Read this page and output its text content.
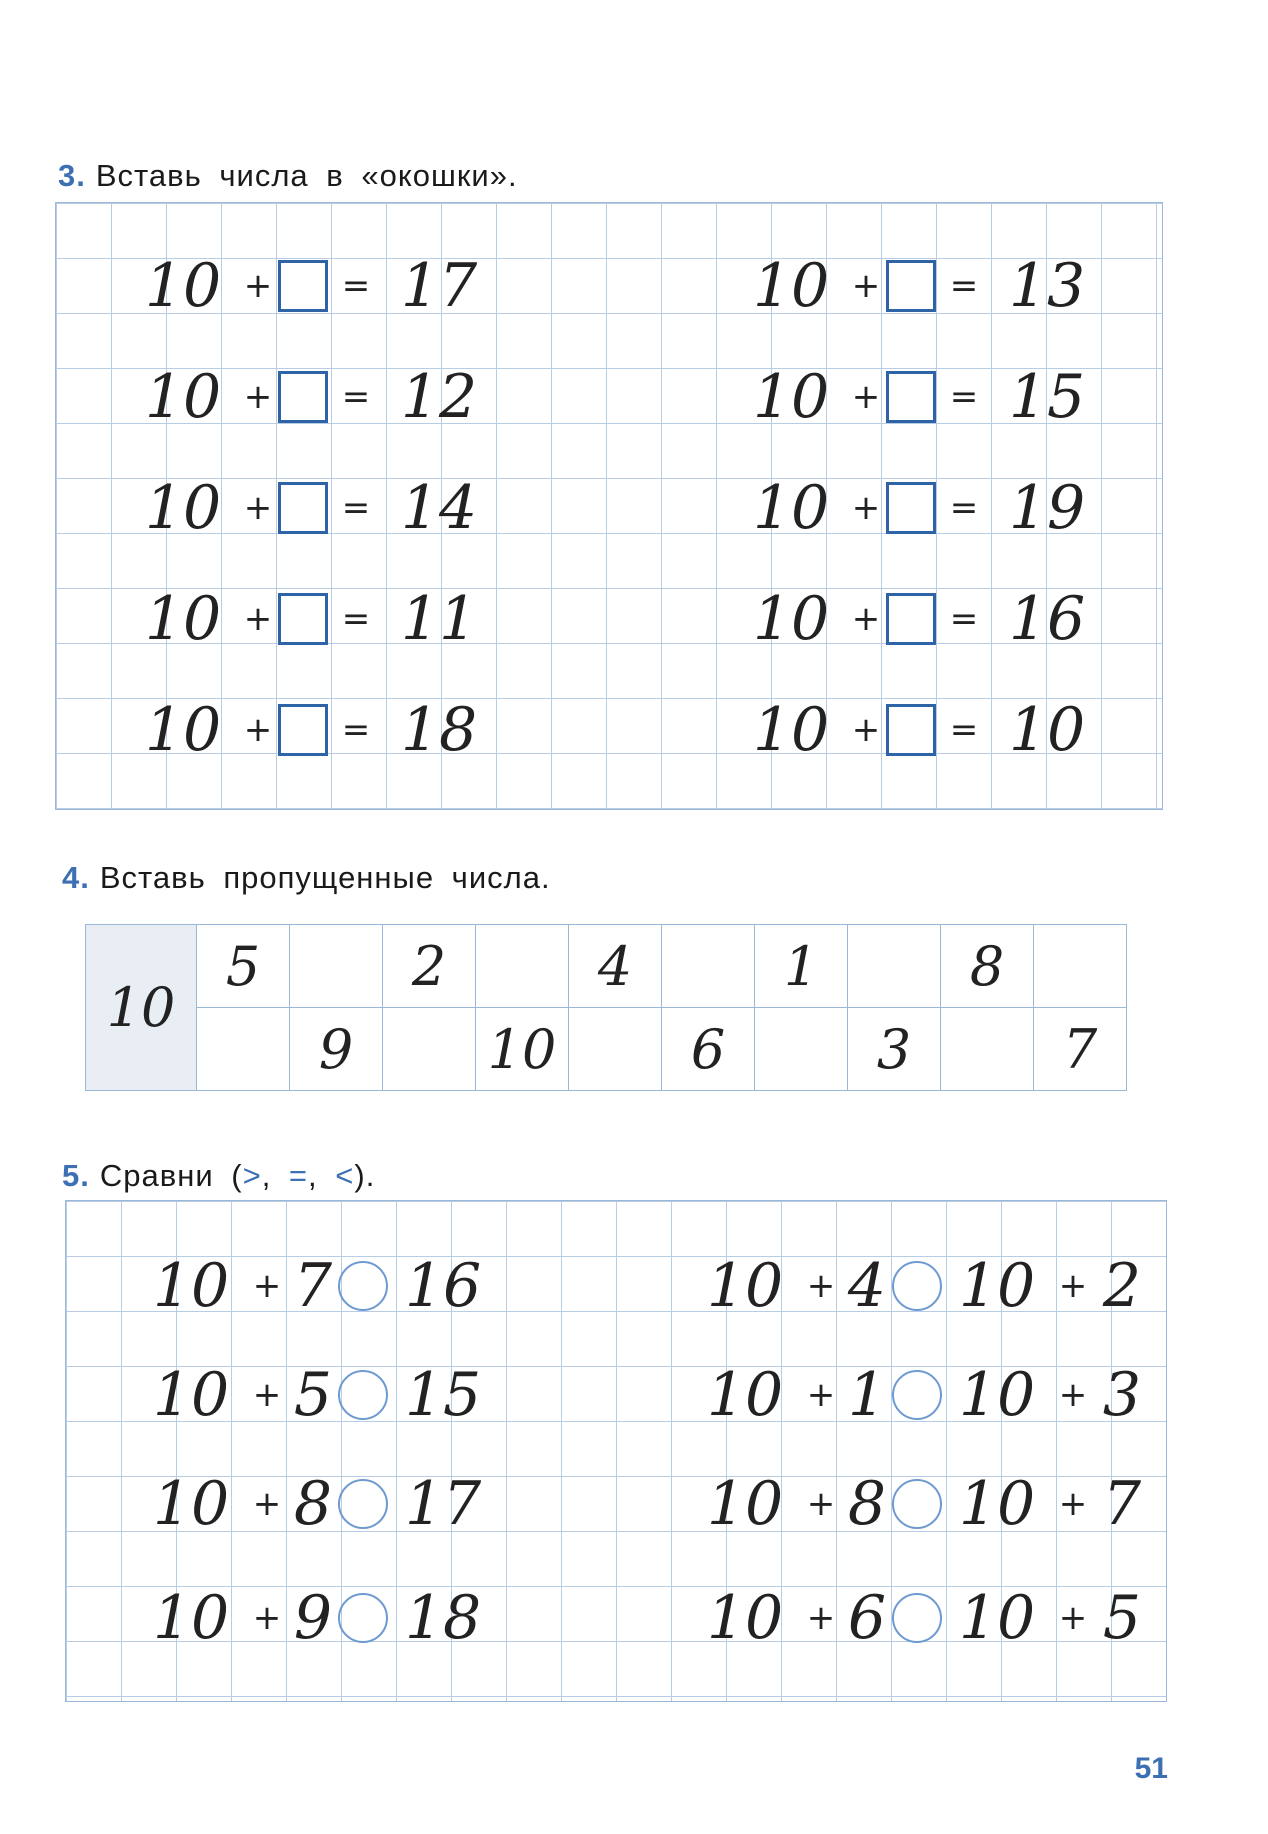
3. Вставь числа в «окошки».
10 +	= 17
10 +	= 12
10 +	= 14
10 +	= 11
10 +	= 18
10 +	= 13
10 +	= 15
10 +	= 19
10 +	= 16
10 +	= 10
4. Вставь пропущенные числа.
10	5		2		4		1		8	

		9		10		6		3		7
5. Сравни (>, =, <).
10 + 7 16
10 + 5 15
10 + 8 17
10 + 9 18
10 + 4 10 + 2
10 + 1 10 + 3
10 + 8 10 + 7
10 + 6 10 + 5
51
